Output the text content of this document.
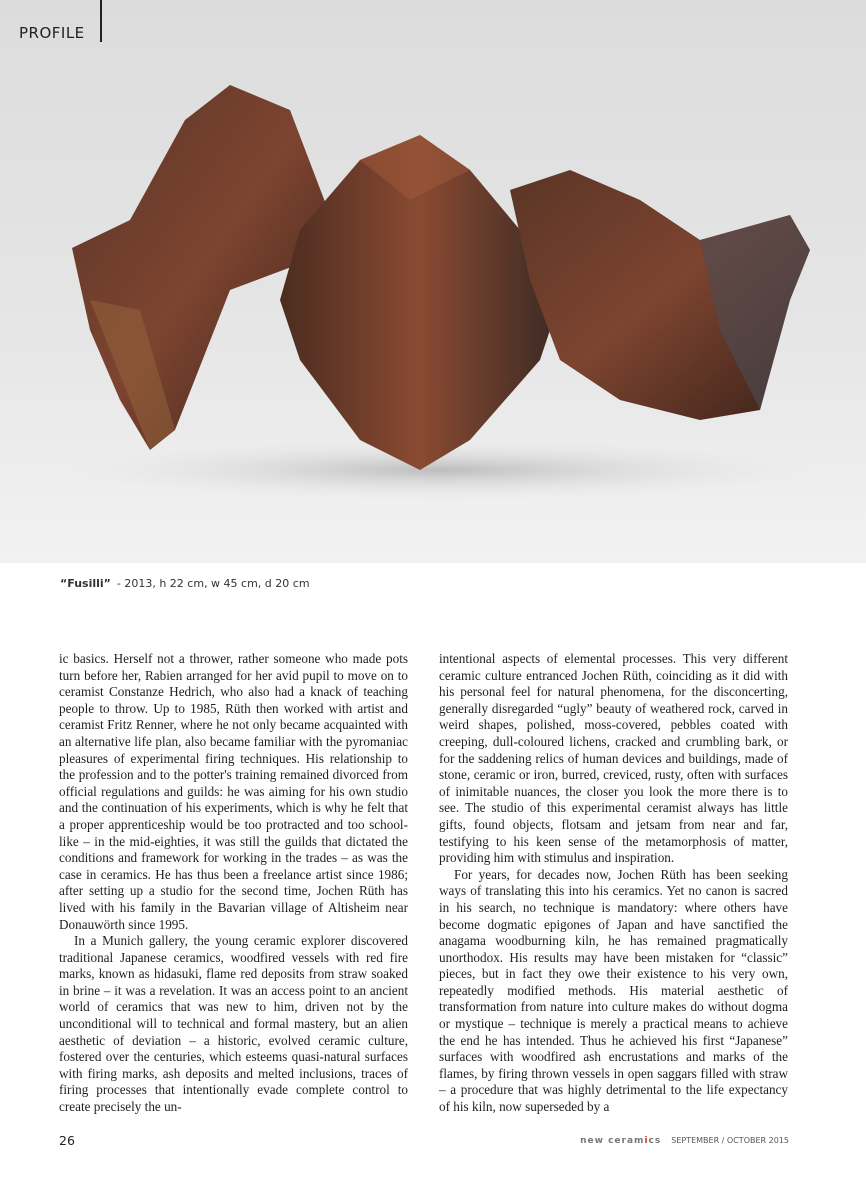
PROFILE
“Fusilli” - 2013, h 22 cm, w 45 cm, d 20 cm

ic basics. Herself not a thrower, rather someone who made pots turn before her, Rabien arranged for her avid pupil to move on to ceramist Constanze Hedrich, who also had a knack of teaching people to throw. Up to 1985, Rüth then worked with artist and ceramist Fritz Renner, where he not only became acquainted with an alternative life plan, also became familiar with the pyromaniac pleasures of experimental firing techniques. His relationship to the profession and to the potter's training remained divorced from official regulations and guilds: he was aiming for his own studio and the continuation of his experiments, which is why he felt that a proper apprenticeship would be too protracted and too school-like – in the mid-eighties, it was still the guilds that dictated the conditions and framework for working in the trades – as was the case in ceramics. He has thus been a freelance artist since 1986; after setting up a studio for the second time, Jochen Rüth has lived with his family in the Bavarian village of Altisheim near Donauwörth since 1995.

In a Munich gallery, the young ceramic explorer discovered traditional Japanese ceramics, woodfired vessels with red fire marks, known as hidasuki, flame red deposits from straw soaked in brine – it was a revelation. It was an access point to an ancient world of ceramics that was new to him, driven not by the unconditional will to technical and formal mastery, but an alien aesthetic of deviation – a historic, evolved ceramic culture, fostered over the centuries, which esteems quasi-natural surfaces with firing marks, ash deposits and melted inclusions, traces of firing processes that intentionally evade complete control to create precisely the un-

intentional aspects of elemental processes. This very different ceramic culture entranced Jochen Rüth, coinciding as it did with his personal feel for natural phenomena, for the disconcerting, generally disregarded “ugly” beauty of weathered rock, carved in weird shapes, polished, moss-covered, pebbles coated with creeping, dull-coloured lichens, cracked and crumbling bark, or for the saddening relics of human devices and buildings, made of stone, ceramic or iron, burred, creviced, rusty, often with surfaces of inimitable nuances, the closer you look the more there is to see. The studio of this experimental ceramist always has little gifts, found objects, flotsam and jetsam from near and far, testifying to his keen sense of the metamorphosis of matter, providing him with stimulus and inspiration.

For years, for decades now, Jochen Rüth has been seeking ways of translating this into his ceramics. Yet no canon is sacred in his search, no technique is mandatory: where others have become dogmatic epigones of Japan and have sanctified the anagama woodburning kiln, he has remained pragmatically unorthodox. His results may have been mistaken for “classic” pieces, but in fact they owe their existence to his very own, repeatedly modified methods. His material aesthetic of transformation from nature into culture makes do without dogma or mystique – technique is merely a practical means to achieve the end he has intended. Thus he achieved his first “Japanese” surfaces with woodfired ash encrustations and marks of the flames, by firing thrown vessels in open saggars filled with straw – a procedure that was highly detrimental to the life expectancy of his kiln, now superseded by a

26	new ceramics SEPTEMBER / OCTOBER 2015
